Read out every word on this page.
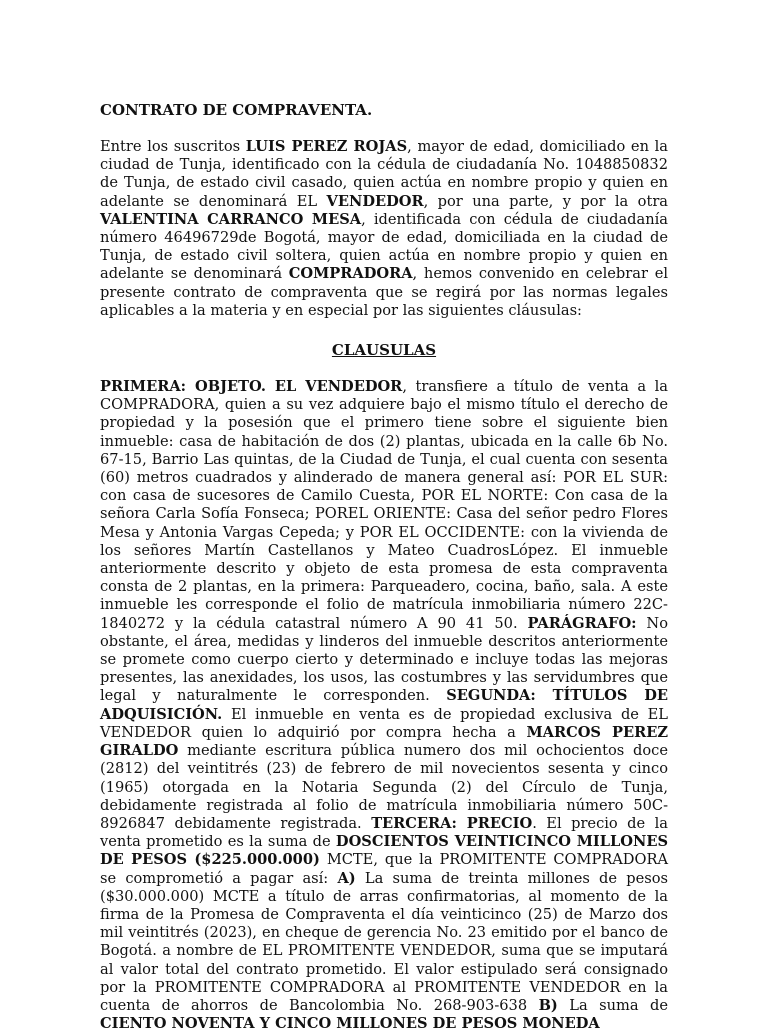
CONTRATO DE COMPRAVENTA.

Entre los suscritos LUIS PEREZ ROJAS, mayor de edad, domiciliado en la ciudad de Tunja, identificado con la cédula de ciudadanía No. 1048850832 de Tunja, de estado civil casado, quien actúa en nombre propio y quien en adelante se denominará EL VENDEDOR, por una parte, y por la otra VALENTINA CARRANCO MESA, identificada con cédula de ciudadanía número 46496729de Bogotá, mayor de edad, domiciliada en la ciudad de Tunja, de estado civil soltera, quien actúa en nombre propio y quien en adelante se denominará COMPRADORA, hemos convenido en celebrar el presente contrato de compraventa que se regirá por las normas legales aplicables a la materia y en especial por las siguientes cláusulas:

CLAUSULAS

PRIMERA: OBJETO. EL VENDEDOR, transfiere a título de venta a la COMPRADORA, quien a su vez adquiere bajo el mismo título el derecho de propiedad y la posesión que el primero tiene sobre el siguiente bien inmueble: casa de habitación de dos (2) plantas, ubicada en la calle 6b No. 67-15, Barrio Las quintas, de la Ciudad de Tunja, el cual cuenta con sesenta (60) metros cuadrados y alinderado de manera general así: POR EL SUR: con casa de sucesores de Camilo Cuesta, POR EL NORTE: Con casa de la señora Carla Sofía Fonseca; POREL ORIENTE: Casa del señor pedro Flores Mesa y Antonia Vargas Cepeda; y POR EL OCCIDENTE: con la vivienda de los señores Martín Castellanos y Mateo CuadrosLópez. El inmueble anteriormente descrito y objeto de esta promesa de esta compraventa consta de 2 plantas, en la primera: Parqueadero, cocina, baño, sala. A este inmueble les corresponde el folio de matrícula inmobiliaria número 22C- 1840272 y la cédula catastral número A 90 41 50. PARÁGRAFO: No obstante, el área, medidas y linderos del inmueble descritos anteriormente se promete como cuerpo cierto y determinado e incluye todas las mejoras presentes, las anexidades, los usos, las costumbres y las servidumbres que legal y naturalmente le corresponden. SEGUNDA: TÍTULOS DE ADQUISICIÓN. El inmueble en venta es de propiedad exclusiva de EL VENDEDOR quien lo adquirió por compra hecha a MARCOS PEREZ GIRALDO mediante escritura pública numero dos mil ochocientos doce (2812) del veintitrés (23) de febrero de mil novecientos sesenta y cinco (1965) otorgada en la Notaria Segunda (2) del Círculo de Tunja, debidamente registrada al folio de matrícula inmobiliaria número 50C-8926847 debidamente registrada. TERCERA: PRECIO. El precio de la venta prometido es la suma de DOSCIENTOS VEINTICINCO MILLONES DE PESOS ($225.000.000) MCTE, que la PROMITENTE COMPRADORA se comprometió a pagar así: A) La suma de treinta millones de pesos ($30.000.000) MCTE a título de arras confirmatorias, al momento de la firma de la Promesa de Compraventa el día veinticinco (25) de Marzo dos mil veintitrés (2023), en cheque de gerencia No. 23 emitido por el banco de Bogotá. a nombre de EL PROMITENTE VENDEDOR, suma que se imputará al valor total del contrato prometido. El valor estipulado será consignado por la PROMITENTE COMPRADORA al PROMITENTE VENDEDOR en la cuenta de ahorros de Bancolombia No. 268-903-638 B) La suma de CIENTO NOVENTA Y CINCO MILLONES DE PESOS MONEDA
